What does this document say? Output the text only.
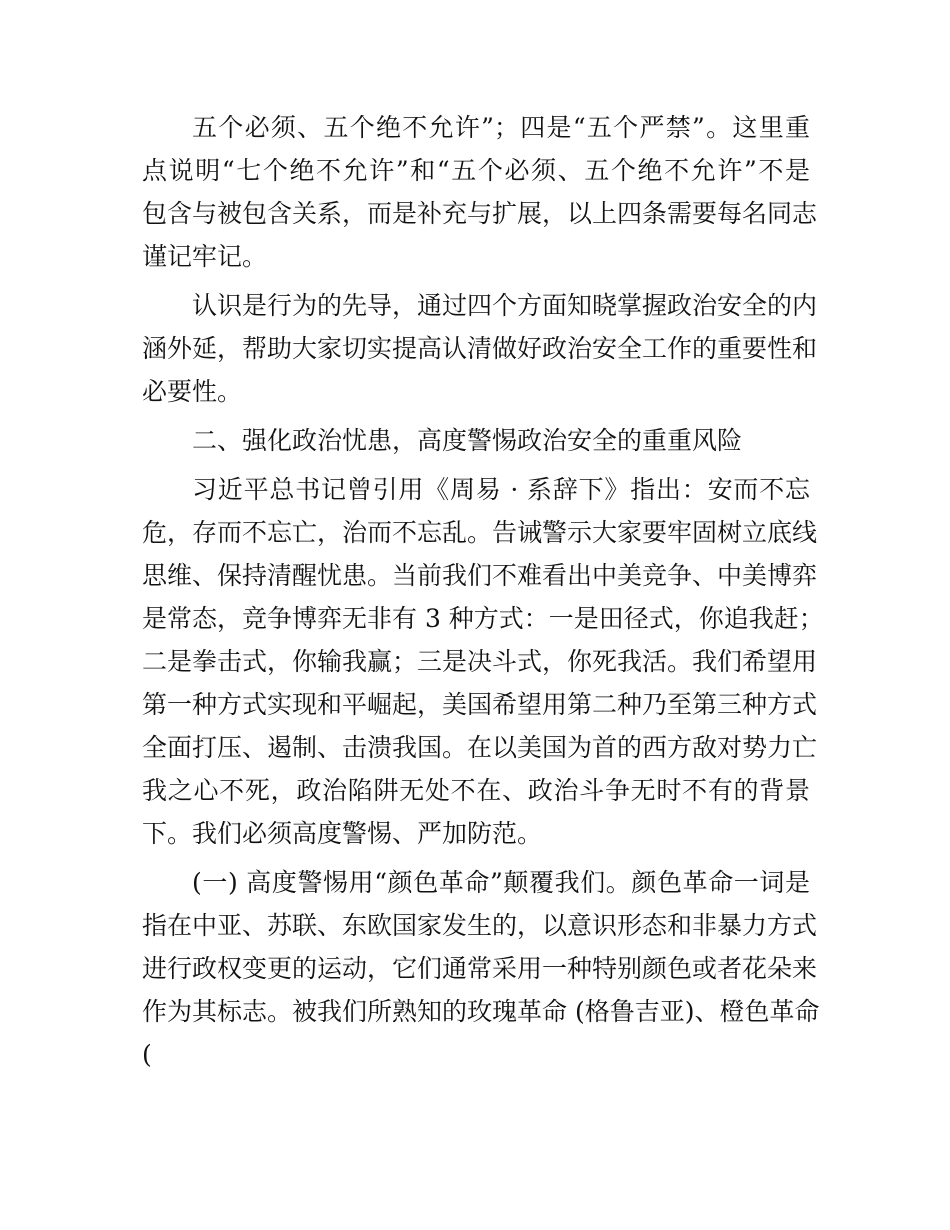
五个必须、五个绝不允许”；四是“五个严禁”。这里重
点说明“七个绝不允许”和“五个必须、五个绝不允许”不是
包含与被包含关系，而是补充与扩展，以上四条需要每名同志
谨记牢记。
认识是行为的先导，通过四个方面知晓掌握政治安全的内
涵外延，帮助大家切实提高认清做好政治安全工作的重要性和
必要性。
二、强化政治忧患，高度警惕政治安全的重重风险
习近平总书记曾引用《周易 · 系辞下》指出：安而不忘
危，存而不忘亡，治而不忘乱。告诫警示大家要牢固树立底线
思维、保持清醒忧患。当前我们不难看出中美竞争、中美博弈
是常态，竞争博弈无非有 3 种方式：一是田径式，你追我赶；
二是拳击式，你输我赢；三是决斗式，你死我活。我们希望用
第一种方式实现和平崛起，美国希望用第二种乃至第三种方式
全面打压、遏制、击溃我国。在以美国为首的西方敌对势力亡
我之心不死，政治陷阱无处不在、政治斗争无时不有的背景
下。我们必须高度警惕、严加防范。
(一) 高度警惕用“颜色革命”颠覆我们。颜色革命一词是
指在中亚、苏联、东欧国家发生的，以意识形态和非暴力方式
进行政权变更的运动，它们通常采用一种特别颜色或者花朵来
作为其标志。被我们所熟知的玫瑰革命 (格鲁吉亚)、橙色革命
(
